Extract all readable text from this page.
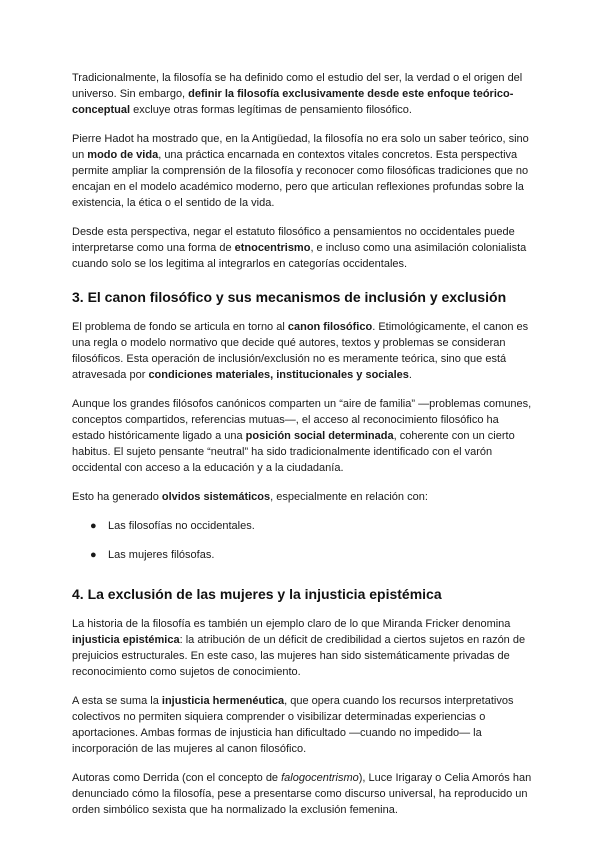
Tradicionalmente, la filosofía se ha definido como el estudio del ser, la verdad o el origen del universo. Sin embargo, definir la filosofía exclusivamente desde este enfoque teórico-conceptual excluye otras formas legítimas de pensamiento filosófico.

Pierre Hadot ha mostrado que, en la Antigüedad, la filosofía no era solo un saber teórico, sino un modo de vida, una práctica encarnada en contextos vitales concretos. Esta perspectiva permite ampliar la comprensión de la filosofía y reconocer como filosóficas tradiciones que no encajan en el modelo académico moderno, pero que articulan reflexiones profundas sobre la existencia, la ética o el sentido de la vida.

Desde esta perspectiva, negar el estatuto filosófico a pensamientos no occidentales puede interpretarse como una forma de etnocentrismo, e incluso como una asimilación colonialista cuando solo se los legitima al integrarlos en categorías occidentales.

3. El canon filosófico y sus mecanismos de inclusión y exclusión

El problema de fondo se articula en torno al canon filosófico. Etimológicamente, el canon es una regla o modelo normativo que decide qué autores, textos y problemas se consideran filosóficos. Esta operación de inclusión/exclusión no es meramente teórica, sino que está atravesada por condiciones materiales, institucionales y sociales.

Aunque los grandes filósofos canónicos comparten un “aire de familia” —problemas comunes, conceptos compartidos, referencias mutuas—, el acceso al reconocimiento filosófico ha estado históricamente ligado a una posición social determinada, coherente con un cierto habitus. El sujeto pensante “neutral” ha sido tradicionalmente identificado con el varón occidental con acceso a la educación y a la ciudadanía.

Esto ha generado olvidos sistemáticos, especialmente en relación con:

● Las filosofías no occidentales.
● Las mujeres filósofas.
4. La exclusión de las mujeres y la injusticia epistémica

La historia de la filosofía es también un ejemplo claro de lo que Miranda Fricker denomina injusticia epistémica: la atribución de un déficit de credibilidad a ciertos sujetos en razón de prejuicios estructurales. En este caso, las mujeres han sido sistemáticamente privadas de reconocimiento como sujetos de conocimiento.

A esta se suma la injusticia hermenéutica, que opera cuando los recursos interpretativos colectivos no permiten siquiera comprender o visibilizar determinadas experiencias o aportaciones. Ambas formas de injusticia han dificultado —cuando no impedido— la incorporación de las mujeres al canon filosófico.

Autoras como Derrida (con el concepto de falogocentrismo), Luce Irigaray o Celia Amorós han denunciado cómo la filosofía, pese a presentarse como discurso universal, ha reproducido un orden simbólico sexista que ha normalizado la exclusión femenina.
